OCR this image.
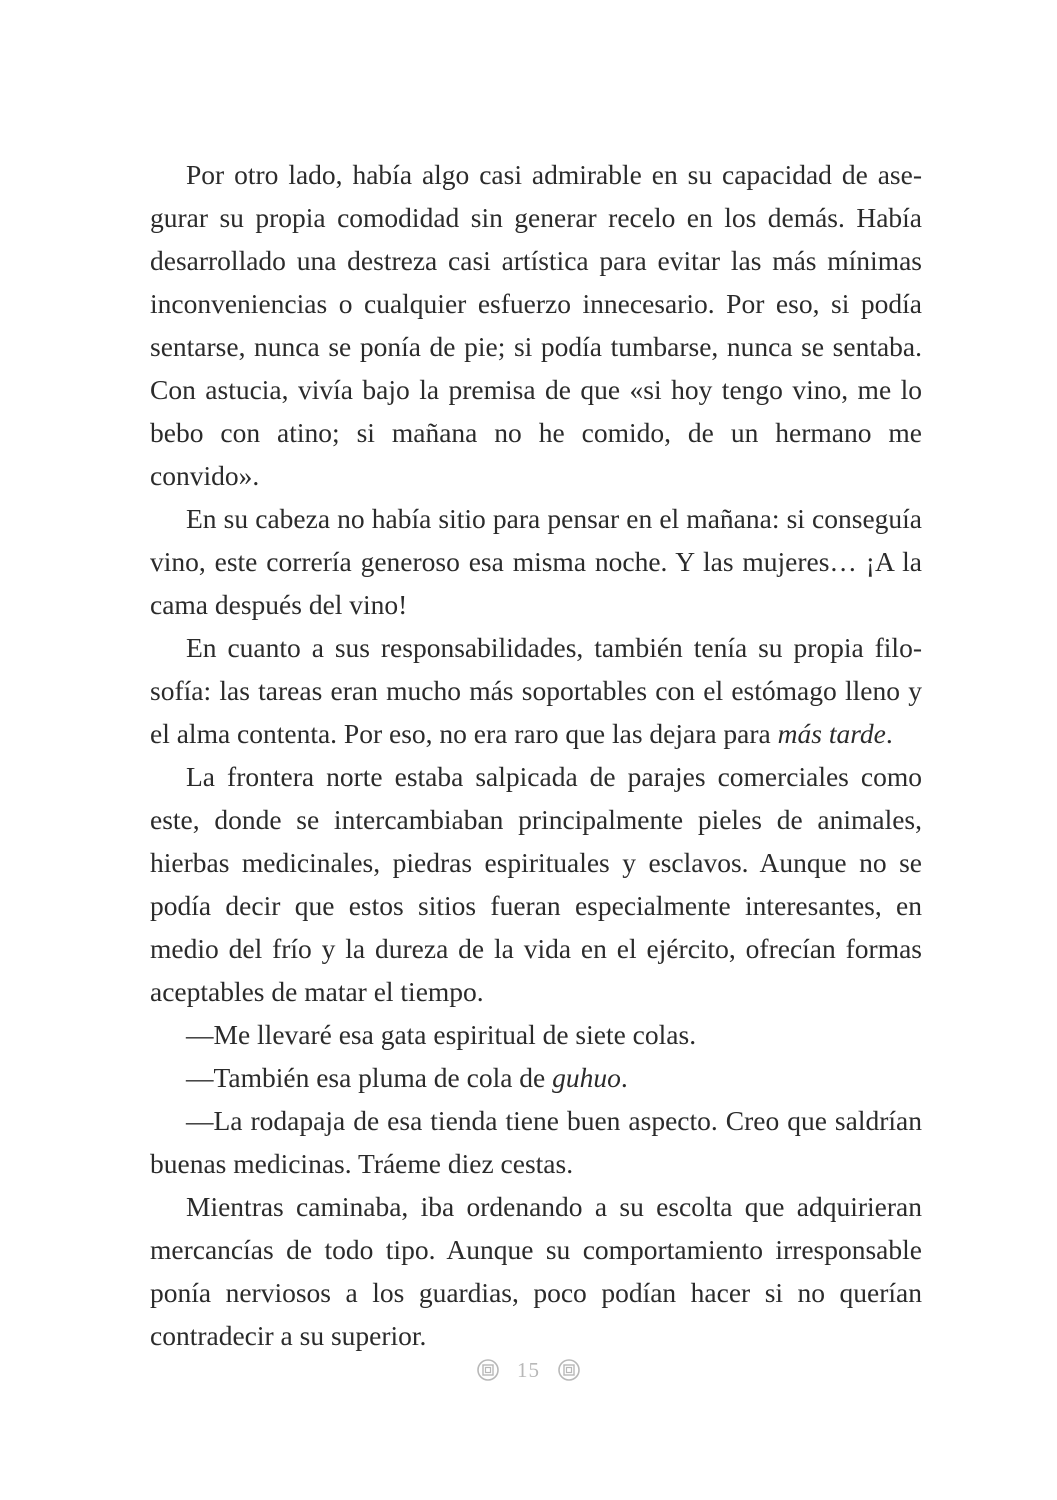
Por otro lado, había algo casi admirable en su capacidad de asegurar su propia comodidad sin generar recelo en los demás. Había desarrollado una destreza casi artística para evitar las más mínimas inconveniencias o cualquier esfuerzo innecesario. Por eso, si podía sentarse, nunca se ponía de pie; si podía tumbarse, nunca se sentaba. Con astucia, vivía bajo la premisa de que «si hoy tengo vino, me lo bebo con atino; si mañana no he comido, de un hermano me convido».

En su cabeza no había sitio para pensar en el mañana: si conseguía vino, este correría generoso esa misma noche. Y las mujeres… ¡A la cama después del vino!

En cuanto a sus responsabilidades, también tenía su propia filosofía: las tareas eran mucho más soportables con el estómago lleno y el alma contenta. Por eso, no era raro que las dejara para más tarde.

La frontera norte estaba salpicada de parajes comerciales como este, donde se intercambiaban principalmente pieles de animales, hierbas medicinales, piedras espirituales y esclavos. Aunque no se podía decir que estos sitios fueran especialmente interesantes, en medio del frío y la dureza de la vida en el ejército, ofrecían formas aceptables de matar el tiempo.

—Me llevaré esa gata espiritual de siete colas.

—También esa pluma de cola de guhuo.

—La rodapaja de esa tienda tiene buen aspecto. Creo que saldrían buenas medicinas. Tráeme diez cestas.

Mientras caminaba, iba ordenando a su escolta que adquirieran mercancías de todo tipo. Aunque su comportamiento irresponsable ponía nerviosos a los guardias, poco podían hacer si no querían contradecir a su superior.

15
